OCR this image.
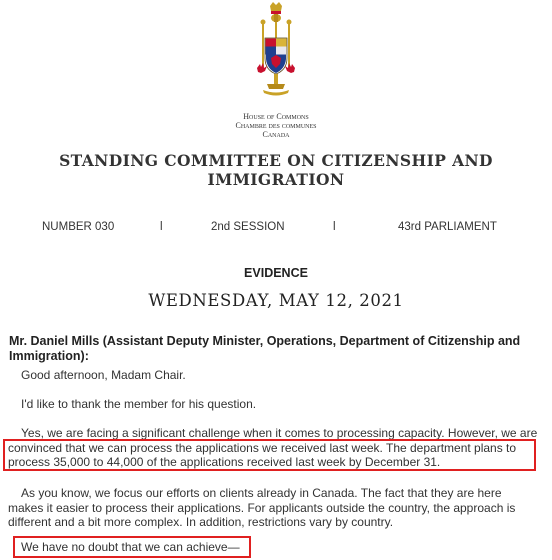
House of Commons
Chambre des communes
Canada
STANDING COMMITTEE ON CITIZENSHIP AND
IMMIGRATION
NUMBER 030	l	2nd SESSION	l	43rd PARLIAMENT
EVIDENCE
WEDNESDAY, MAY 12, 2021
Mr. Daniel Mills (Assistant Deputy Minister, Operations, Department of Citizenship and
Immigration):
Good afternoon, Madam Chair.
I'd like to thank the member for his question.
Yes, we are facing a significant challenge when it comes to processing capacity. However, we are
convinced that we can process the applications we received last week. The department plans to
process 35,000 to 44,000 of the applications received last week by December 31.
As you know, we focus our efforts on clients already in Canada. The fact that they are here
makes it easier to process their applications. For applicants outside the country, the approach is
different and a bit more complex. In addition, restrictions vary by country.
We have no doubt that we can achieve—
